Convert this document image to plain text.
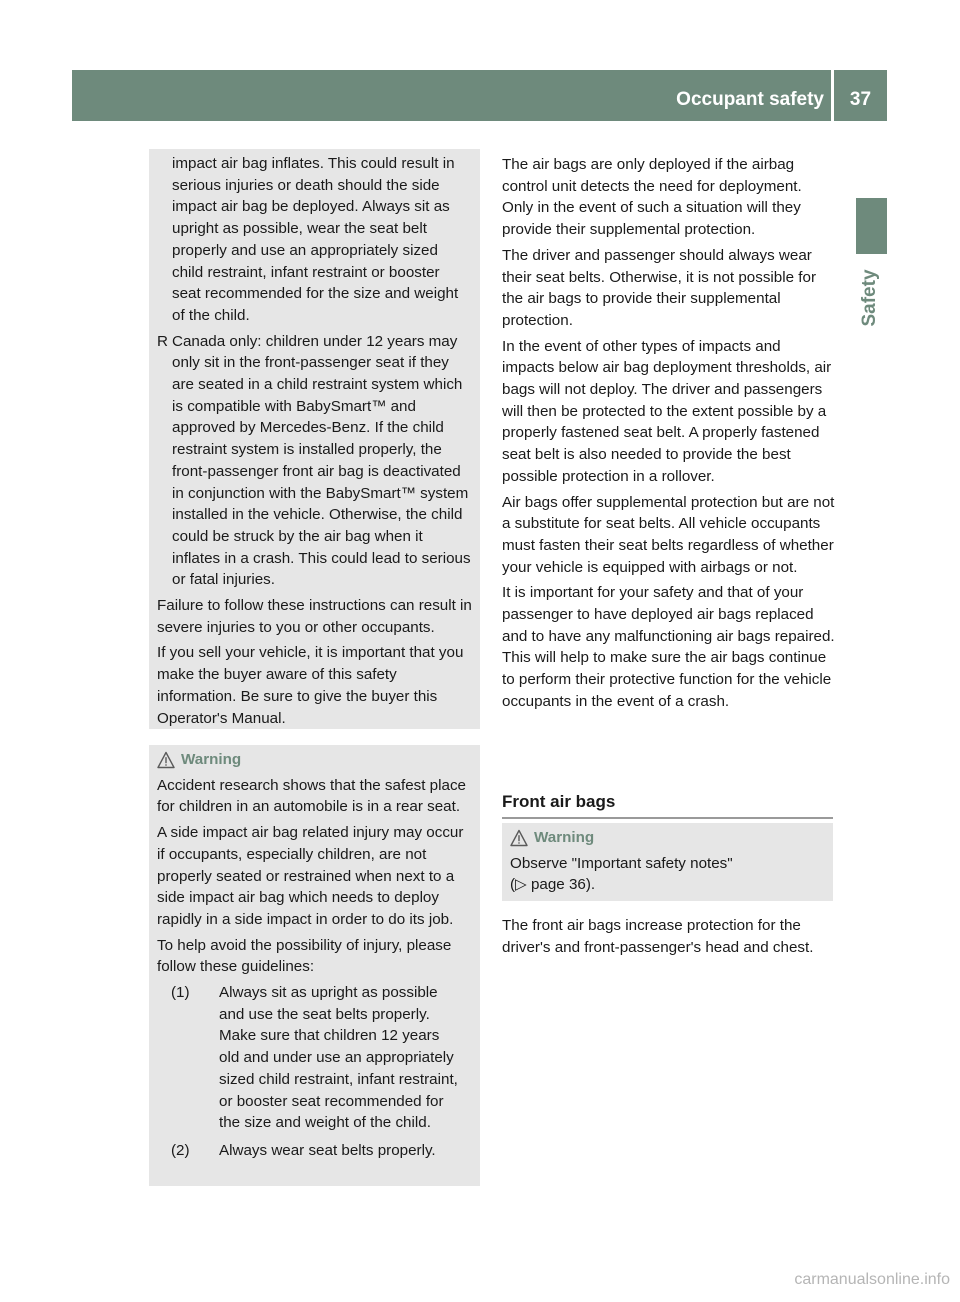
Occupant safety	37
Safety

impact air bag inflates. This could result in serious injuries or death should the side impact air bag be deployed. Always sit as upright as possible, wear the seat belt properly and use an appropriately sized child restraint, infant restraint or booster seat recommended for the size and weight of the child.

R Canada only: children under 12 years may only sit in the front-passenger seat if they are seated in a child restraint system which is compatible with BabySmart™ and approved by Mercedes-Benz. If the child restraint system is installed properly, the front-passenger front air bag is deactivated in conjunction with the BabySmart™ system installed in the vehicle. Otherwise, the child could be struck by the air bag when it inflates in a crash. This could lead to serious or fatal injuries.

Failure to follow these instructions can result in severe injuries to you or other occupants.

If you sell your vehicle, it is important that you make the buyer aware of this safety information. Be sure to give the buyer this Operator's Manual.

Warning

Accident research shows that the safest place for children in an automobile is in a rear seat.

A side impact air bag related injury may occur if occupants, especially children, are not properly seated or restrained when next to a side impact air bag which needs to deploy rapidly in a side impact in order to do its job.

To help avoid the possibility of injury, please follow these guidelines:

(1)	Always sit as upright as possible and use the seat belts properly. Make sure that children 12 years old and under use an appropriately sized child restraint, infant restraint, or booster seat recommended for the size and weight of the child.
(2)	Always wear seat belts properly.

The air bags are only deployed if the airbag control unit detects the need for deployment. Only in the event of such a situation will they provide their supplemental protection.

The driver and passenger should always wear their seat belts. Otherwise, it is not possible for the air bags to provide their supplemental protection.

In the event of other types of impacts and impacts below air bag deployment thresholds, air bags will not deploy. The driver and passengers will then be protected to the extent possible by a properly fastened seat belt. A properly fastened seat belt is also needed to provide the best possible protection in a rollover.

Air bags offer supplemental protection but are not a substitute for seat belts. All vehicle occupants must fasten their seat belts regardless of whether your vehicle is equipped with airbags or not.

It is important for your safety and that of your passenger to have deployed air bags replaced and to have any malfunctioning air bags repaired. This will help to make sure the air bags continue to perform their protective function for the vehicle occupants in the event of a crash.

Front air bags
Warning
Observe "Important safety notes"
(▷ page 36).

The front air bags increase protection for the driver's and front-passenger's head and chest.

carmanualsonline.info
